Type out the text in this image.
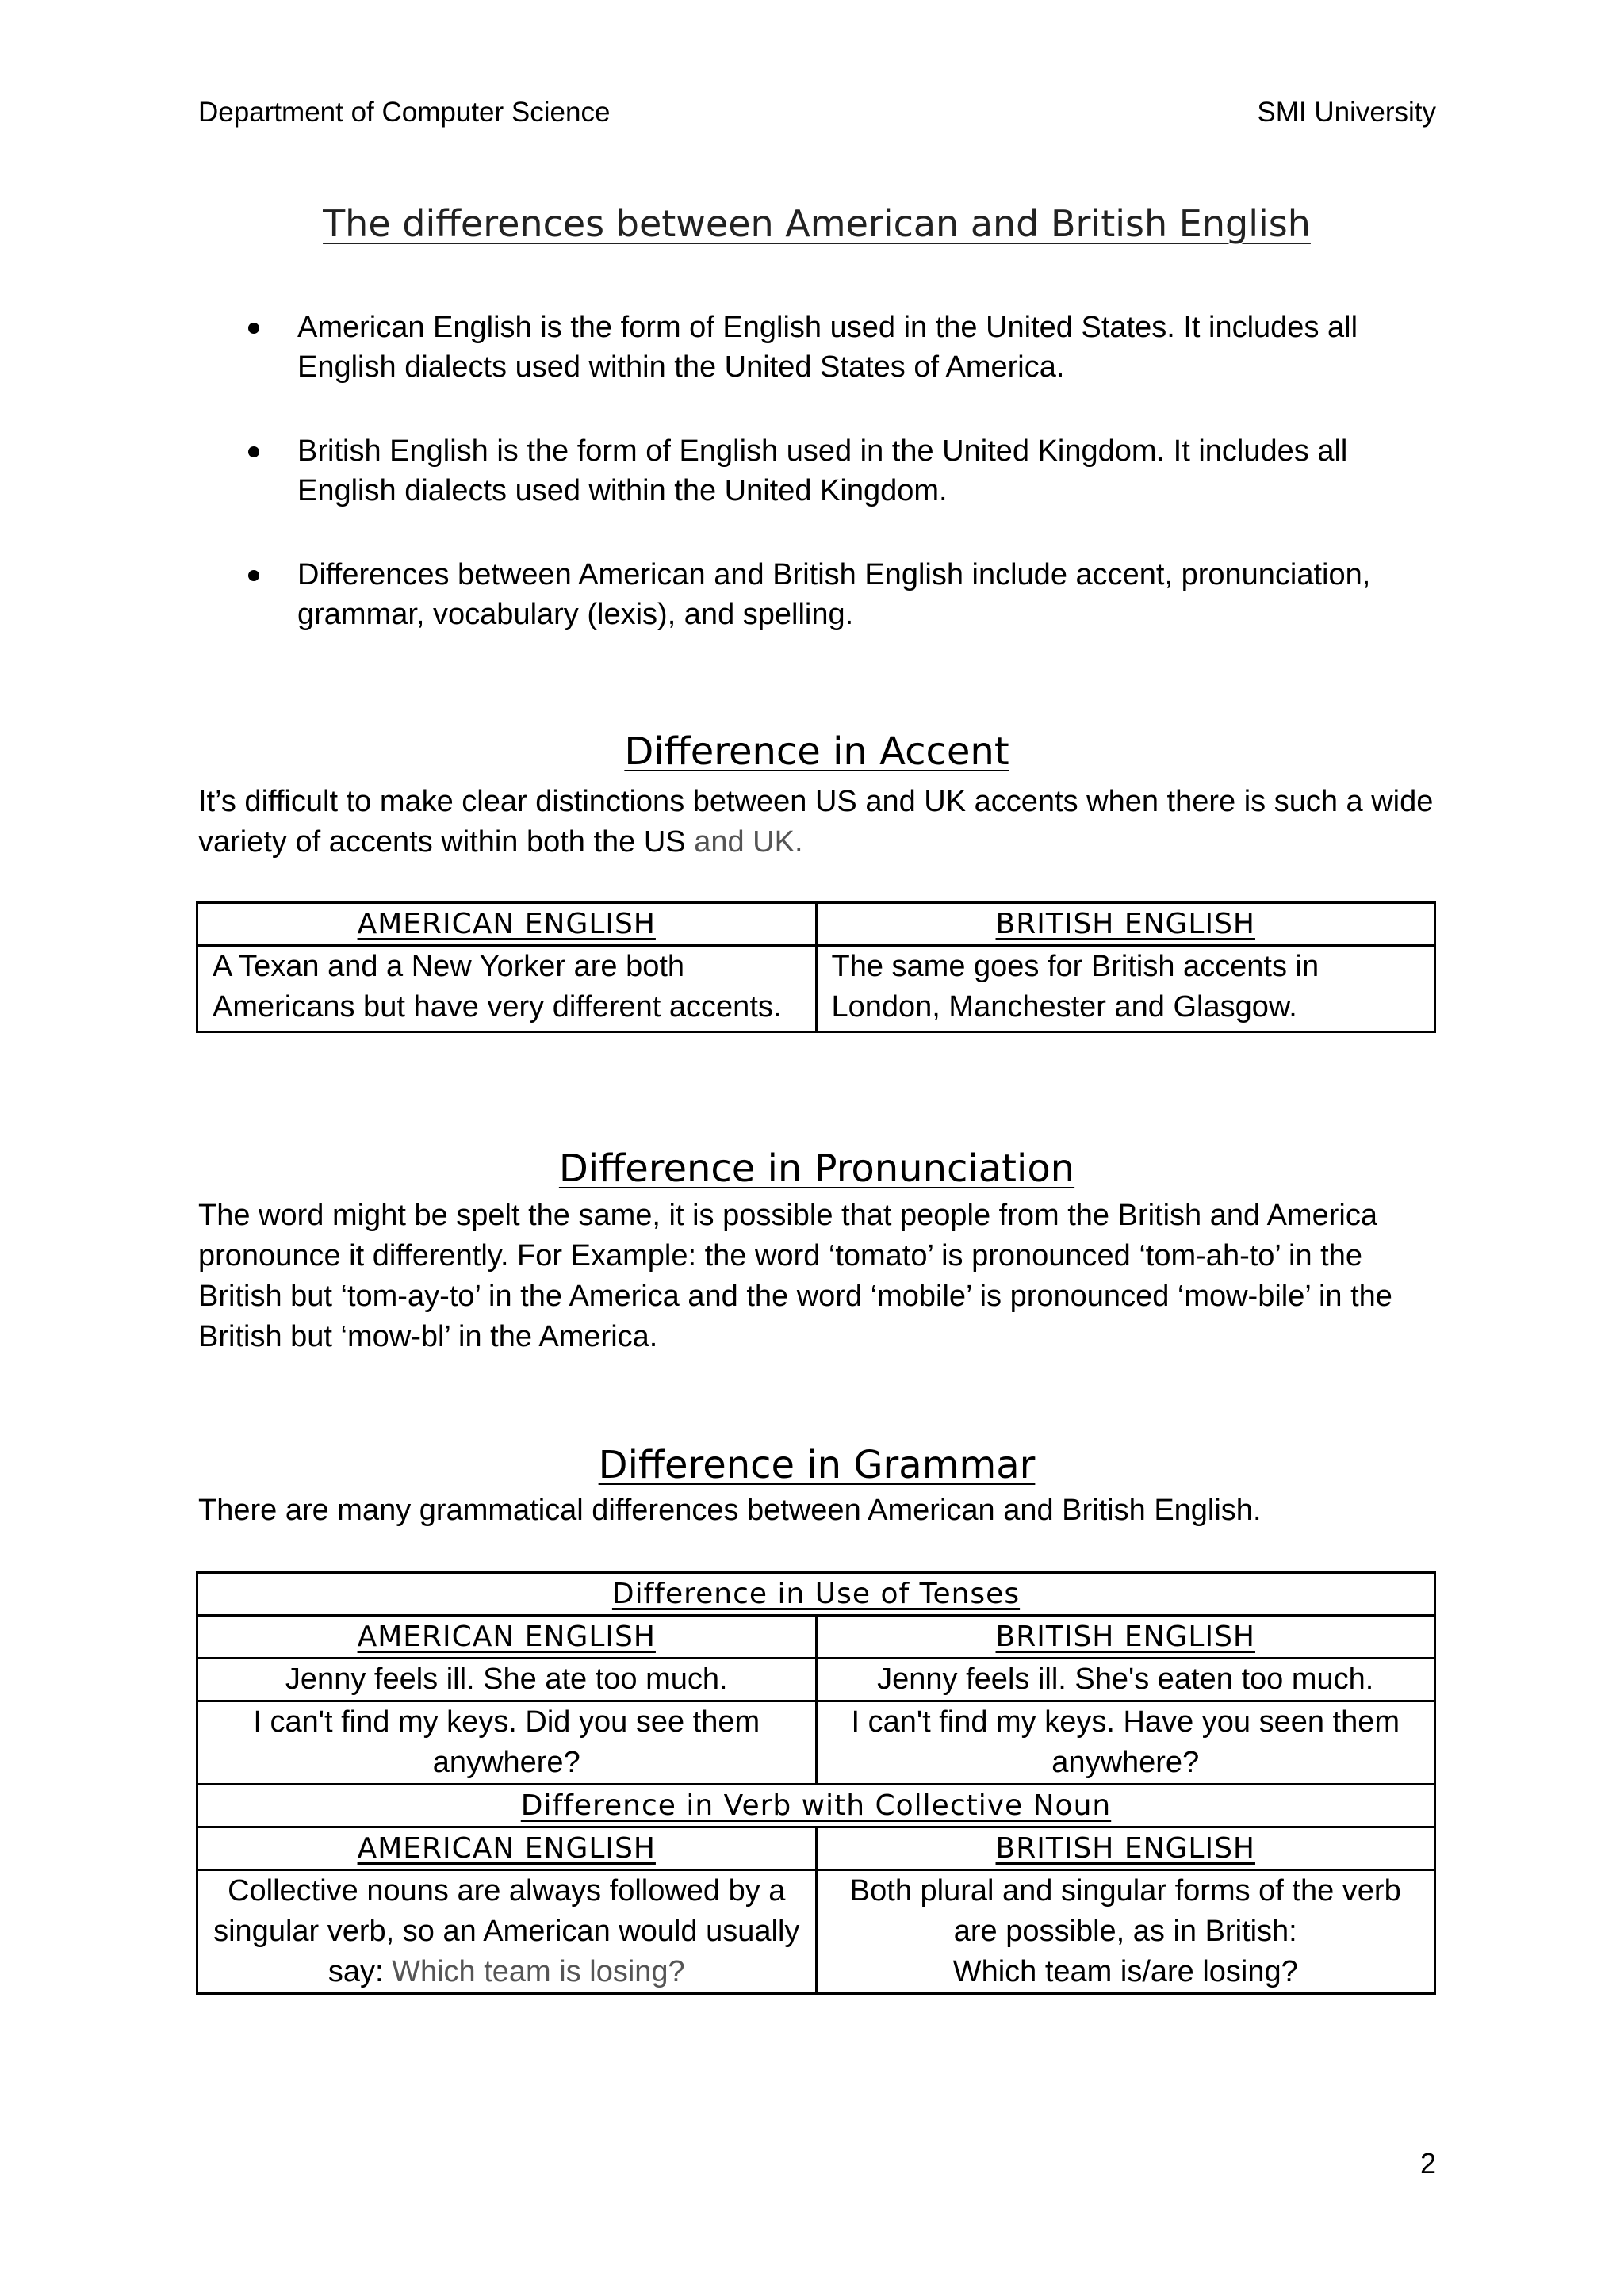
Department of Computer Science	SMI University
The differences between American and British English
American English is the form of English used in the United States. It includes all English dialects used within the United States of America.
British English is the form of English used in the United Kingdom. It includes all English dialects used within the United Kingdom.
Differences between American and British English include accent, pronunciation, grammar, vocabulary (lexis), and spelling.
Difference in Accent
It’s difficult to make clear distinctions between US and UK accents when there is such a wide variety of accents within both the US and UK.
AMERICAN ENGLISH	BRITISH ENGLISH
A Texan and a New Yorker are both Americans but have very different accents.	The same goes for British accents in London, Manchester and Glasgow.
Difference in Pronunciation
The word might be spelt the same, it is possible that people from the British and America pronounce it differently. For Example: the word ‘tomato’ is pronounced ‘tom-ah-to’ in the British but ‘tom-ay-to’ in the America and the word ‘mobile’ is pronounced ‘mow-bile’ in the British but ‘mow-bl’ in the America.
Difference in Grammar
There are many grammatical differences between American and British English.
Difference in Use of Tenses	
AMERICAN ENGLISH	BRITISH ENGLISH
Jenny feels ill. She ate too much.	Jenny feels ill. She's eaten too much.
I can't find my keys. Did you see them anywhere?	I can't find my keys. Have you seen them anywhere?
Difference in Verb with Collective Noun	
AMERICAN ENGLISH	BRITISH ENGLISH
Collective nouns are always followed by a singular verb, so an American would usually say: Which team is losing?	Both plural and singular forms of the verb are possible, as in British:
Which team is/are losing?
2
